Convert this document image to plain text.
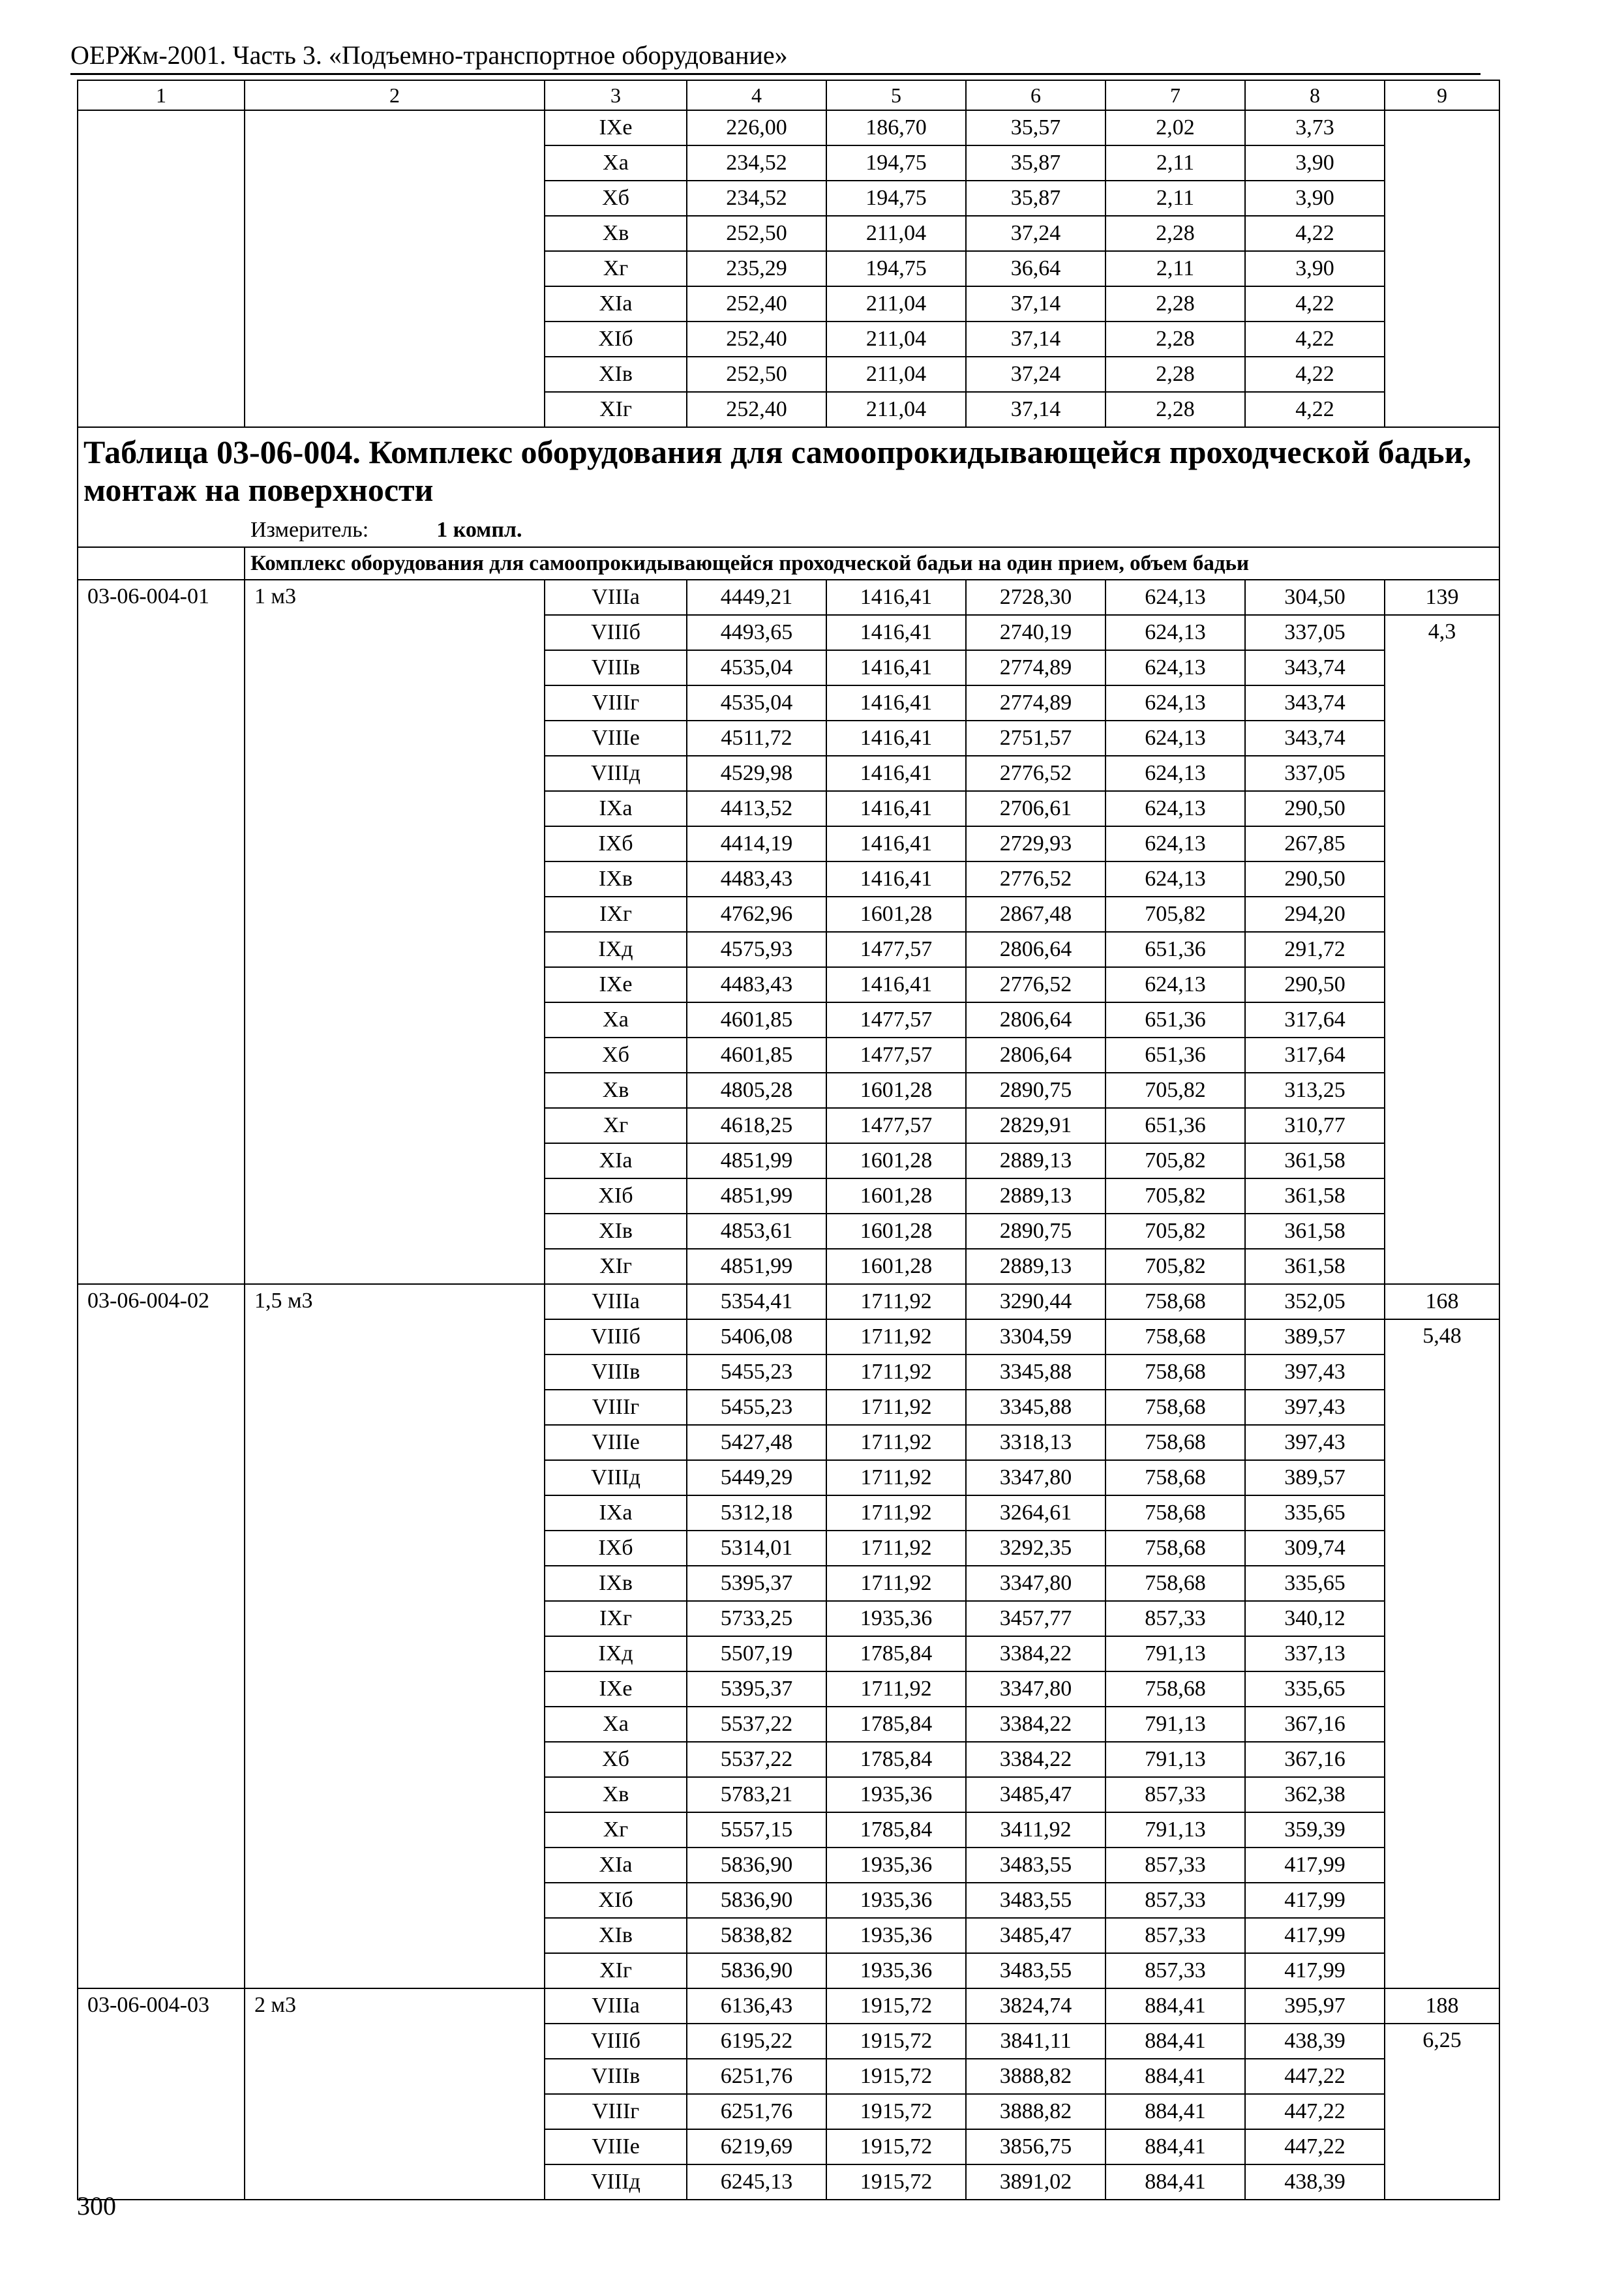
ОЕРЖм-2001. Часть 3. «Подъемно-транспортное оборудование»
1	2	3	4	5	6	7	8	9
		IXе	226,00	186,70	35,57	2,02	3,73	
		Xа	234,52	194,75	35,87	2,11	3,90	
		Xб	234,52	194,75	35,87	2,11	3,90	
		Xв	252,50	211,04	37,24	2,28	4,22	
		Xг	235,29	194,75	36,64	2,11	3,90	
		XIа	252,40	211,04	37,14	2,28	4,22	
		XIб	252,40	211,04	37,14	2,28	4,22	
		XIв	252,50	211,04	37,24	2,28	4,22	
		XIг	252,40	211,04	37,14	2,28	4,22	

Таблица 03-06-004. Комплекс оборудования для самоопрокидывающейся проходческой бадьи, монтаж на поверхности
Измеритель: 1 компл.								

	Комплекс оборудования для самоопрокидывающейся проходческой бадьи на один прием, объем бадьи							
03-06-004-01	1 м3	VIIIа	4449,21	1416,41	2728,30	624,13	304,50	139
		VIIIб	4493,65	1416,41	2740,19	624,13	337,05	4,3
		VIIIв	4535,04	1416,41	2774,89	624,13	343,74	
		VIIIг	4535,04	1416,41	2774,89	624,13	343,74	
		VIIIе	4511,72	1416,41	2751,57	624,13	343,74	
		VIIIд	4529,98	1416,41	2776,52	624,13	337,05	
		IXа	4413,52	1416,41	2706,61	624,13	290,50	
		IXб	4414,19	1416,41	2729,93	624,13	267,85	
		IXв	4483,43	1416,41	2776,52	624,13	290,50	
		IXг	4762,96	1601,28	2867,48	705,82	294,20	
		IXд	4575,93	1477,57	2806,64	651,36	291,72	
		IXе	4483,43	1416,41	2776,52	624,13	290,50	
		Xа	4601,85	1477,57	2806,64	651,36	317,64	
		Xб	4601,85	1477,57	2806,64	651,36	317,64	
		Xв	4805,28	1601,28	2890,75	705,82	313,25	
		Xг	4618,25	1477,57	2829,91	651,36	310,77	
		XIа	4851,99	1601,28	2889,13	705,82	361,58	
		XIб	4851,99	1601,28	2889,13	705,82	361,58	
		XIв	4853,61	1601,28	2890,75	705,82	361,58	
		XIг	4851,99	1601,28	2889,13	705,82	361,58	
03-06-004-02	1,5 м3	VIIIа	5354,41	1711,92	3290,44	758,68	352,05	168
		VIIIб	5406,08	1711,92	3304,59	758,68	389,57	5,48
		VIIIв	5455,23	1711,92	3345,88	758,68	397,43	
		VIIIг	5455,23	1711,92	3345,88	758,68	397,43	
		VIIIе	5427,48	1711,92	3318,13	758,68	397,43	
		VIIIд	5449,29	1711,92	3347,80	758,68	389,57	
		IXа	5312,18	1711,92	3264,61	758,68	335,65	
		IXб	5314,01	1711,92	3292,35	758,68	309,74	
		IXв	5395,37	1711,92	3347,80	758,68	335,65	
		IXг	5733,25	1935,36	3457,77	857,33	340,12	
		IXд	5507,19	1785,84	3384,22	791,13	337,13	
		IXе	5395,37	1711,92	3347,80	758,68	335,65	
		Xа	5537,22	1785,84	3384,22	791,13	367,16	
		Xб	5537,22	1785,84	3384,22	791,13	367,16	
		Xв	5783,21	1935,36	3485,47	857,33	362,38	
		Xг	5557,15	1785,84	3411,92	791,13	359,39	
		XIа	5836,90	1935,36	3483,55	857,33	417,99	
		XIб	5836,90	1935,36	3483,55	857,33	417,99	
		XIв	5838,82	1935,36	3485,47	857,33	417,99	
		XIг	5836,90	1935,36	3483,55	857,33	417,99	
03-06-004-03	2 м3	VIIIа	6136,43	1915,72	3824,74	884,41	395,97	188
		VIIIб	6195,22	1915,72	3841,11	884,41	438,39	6,25
		VIIIв	6251,76	1915,72	3888,82	884,41	447,22	
		VIIIг	6251,76	1915,72	3888,82	884,41	447,22	
		VIIIе	6219,69	1915,72	3856,75	884,41	447,22	
		VIIIд	6245,13	1915,72	3891,02	884,41	438,39	
300
